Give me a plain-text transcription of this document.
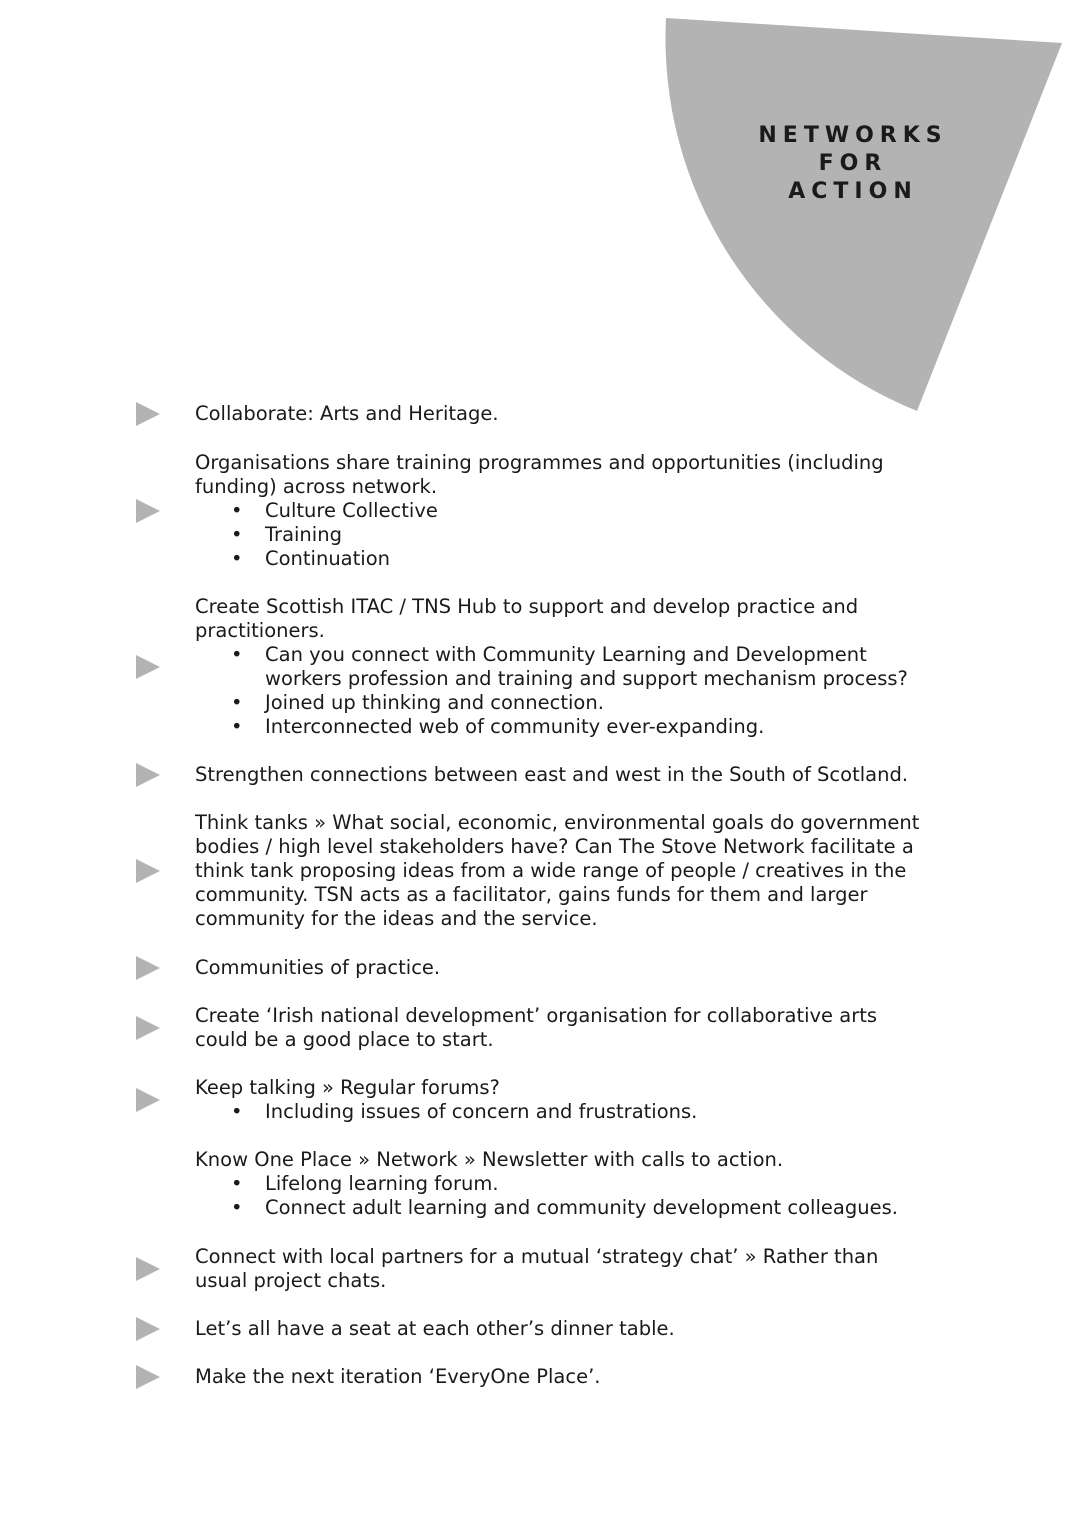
NETWORKS
FOR
ACTION
Collaborate: Arts and Heritage.
Organisations share training programmes and opportunities (including funding) across network.
• Culture Collective
• Training
• Continuation
Create Scottish ITAC / TNS Hub to support and develop practice and practitioners.
• Can you connect with Community Learning and Development workers profession and training and support mechanism process?
• Joined up thinking and connection.
• Interconnected web of community ever-expanding.
Strengthen connections between east and west in the South of Scotland.
Think tanks » What social, economic, environmental goals do government bodies / high level stakeholders have? Can The Stove Network facilitate a think tank proposing ideas from a wide range of people / creatives in the community. TSN acts as a facilitator, gains funds for them and larger community for the ideas and the service.
Communities of practice.
Create ‘Irish national development’ organisation for collaborative arts could be a good place to start.
Keep talking » Regular forums?
• Including issues of concern and frustrations.
Know One Place » Network » Newsletter with calls to action.
• Lifelong learning forum.
• Connect adult learning and community development colleagues.
Connect with local partners for a mutual ‘strategy chat’ » Rather than usual project chats.
Let’s all have a seat at each other’s dinner table.
Make the next iteration ‘EveryOne Place’.
